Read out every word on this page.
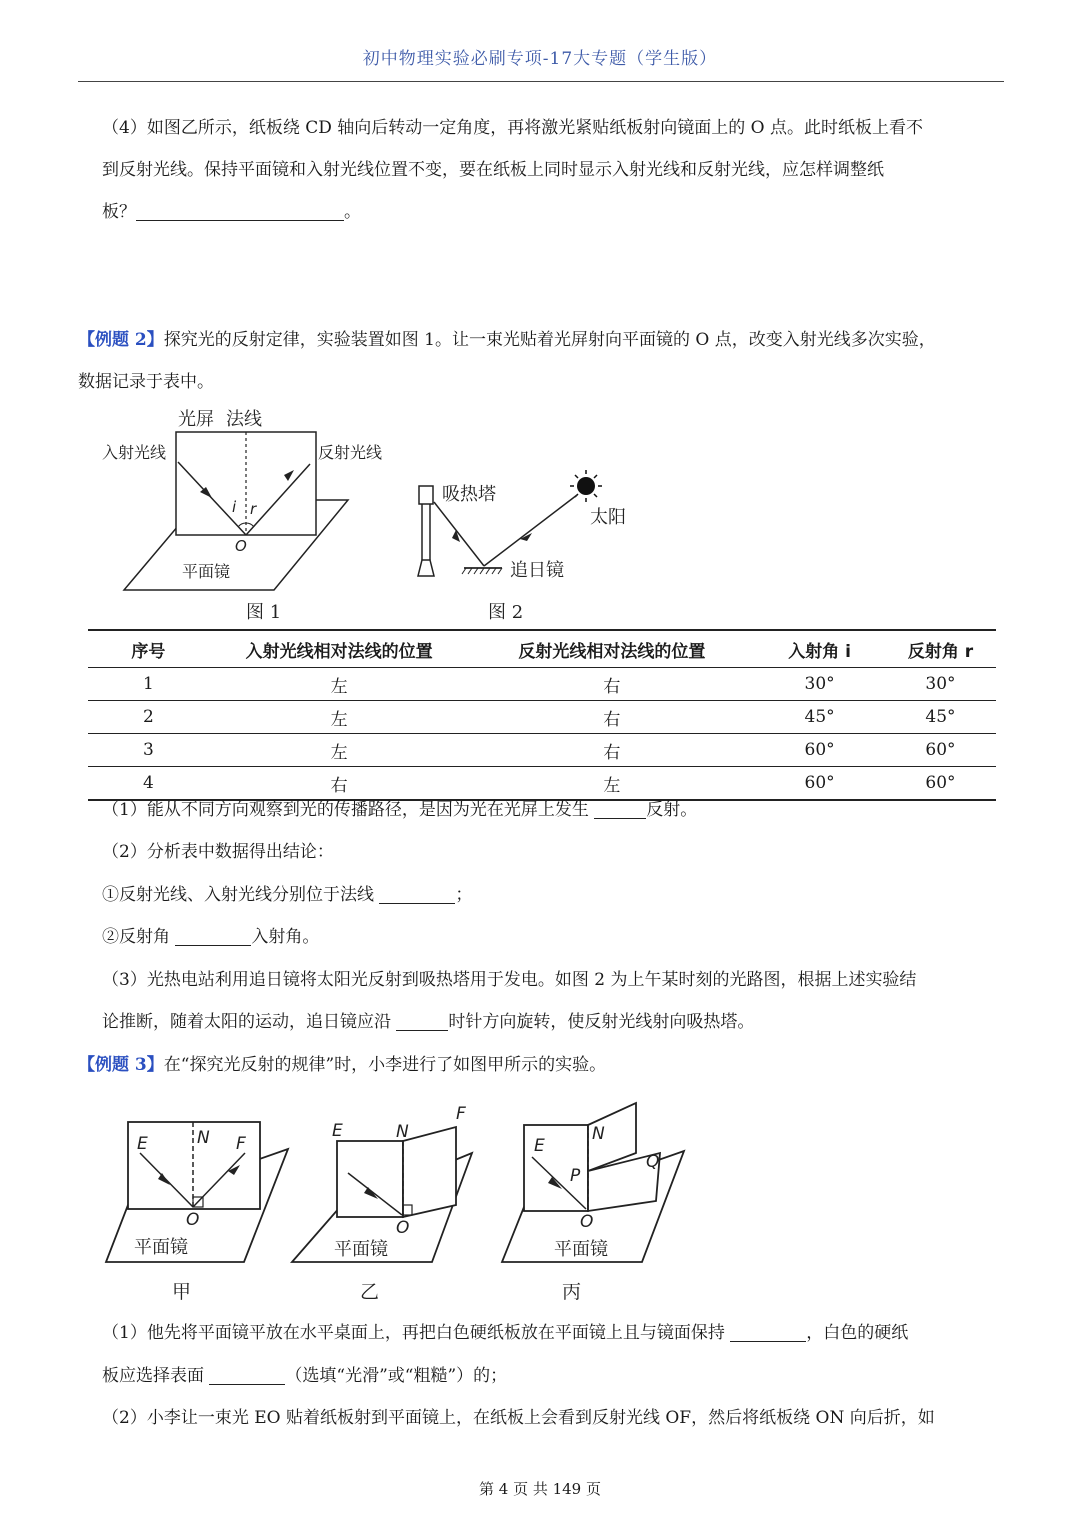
初中物理实验必刷专项-17大专题（学生版）
（4）如图乙所示，纸板绕 CD 轴向后转动一定角度，再将激光紧贴纸板射向镜面上的 O 点。此时纸板上看不
到反射光线。保持平面镜和入射光线位置不变，要在纸板上同时显示入射光线和反射光线，应怎样调整纸
板？	。
【例题 2】探究光的反射定律，实验装置如图 1。让一束光贴着光屏射向平面镜的 O 点，改变入射光线多次实验，
数据记录于表中。
光屏 法线
入射光线	反射光线
i r
O
平面镜
图 1
吸热塔
太阳
追日镜
图 2
序号	入射光线相对法线的位置	反射光线相对法线的位置	入射角 i	反射角 r
1	左	右	30°	30°
2	左	右	45°	45°
3	左	右	60°	60°
4	右	左	60°	60°
（1）能从不同方向观察到光的传播路径，是因为光在光屏上发生	反射。
（2）分析表中数据得出结论：
①反射光线、入射光线分别位于法线	；
②反射角	入射角。
（3）光热电站利用追日镜将太阳光反射到吸热塔用于发电。如图 2 为上午某时刻的光路图，根据上述实验结
论推断，随着太阳的运动，追日镜应沿	时针方向旋转，使反射光线射向吸热塔。
【例题 3】在“探究光反射的规律”时，小李进行了如图甲所示的实验。
E	N F
O
平面镜
甲
E	N
F
O
平面镜
乙
E
N
P
Q
O
平面镜
丙
（1）他先将平面镜平放在水平桌面上，再把白色硬纸板放在平面镜上且与镜面保持	，白色的硬纸
板应选择表面	（选填“光滑”或“粗糙”）的；
（2）小李让一束光 EO 贴着纸板射到平面镜上，在纸板上会看到反射光线 OF，然后将纸板绕 ON 向后折，如
第 4 页 共 149 页
